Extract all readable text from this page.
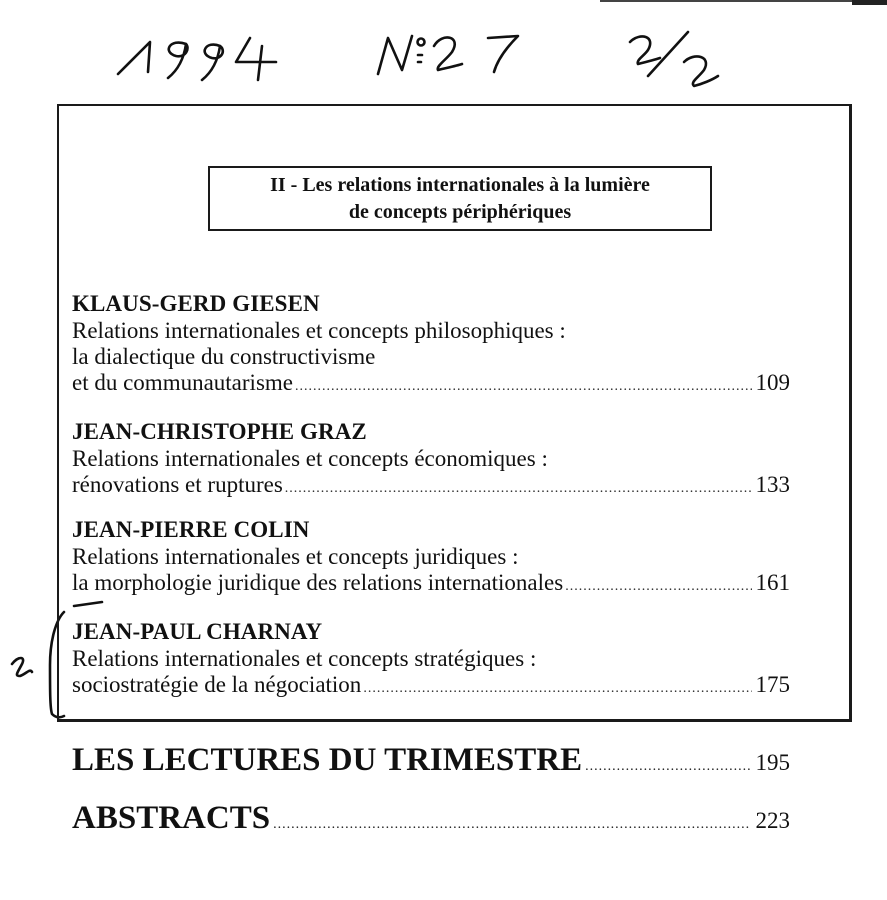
II - Les relations internationales à la lumière
de concepts périphériques
KLAUS-GERD GIESEN
Relations internationales et concepts philosophiques :
la dialectique du constructivisme
et du communautarisme .....	109
JEAN-CHRISTOPHE GRAZ
Relations internationales et concepts économiques :
rénovations et ruptures .....	133
JEAN-PIERRE COLIN
Relations internationales et concepts juridiques :
la morphologie juridique des relations internationales .....	161
JEAN-PAUL CHARNAY
Relations internationales et concepts stratégiques :
sociostratégie de la négociation .....	175
LES LECTURES DU TRIMESTRE .....	195
ABSTRACTS .....	223
